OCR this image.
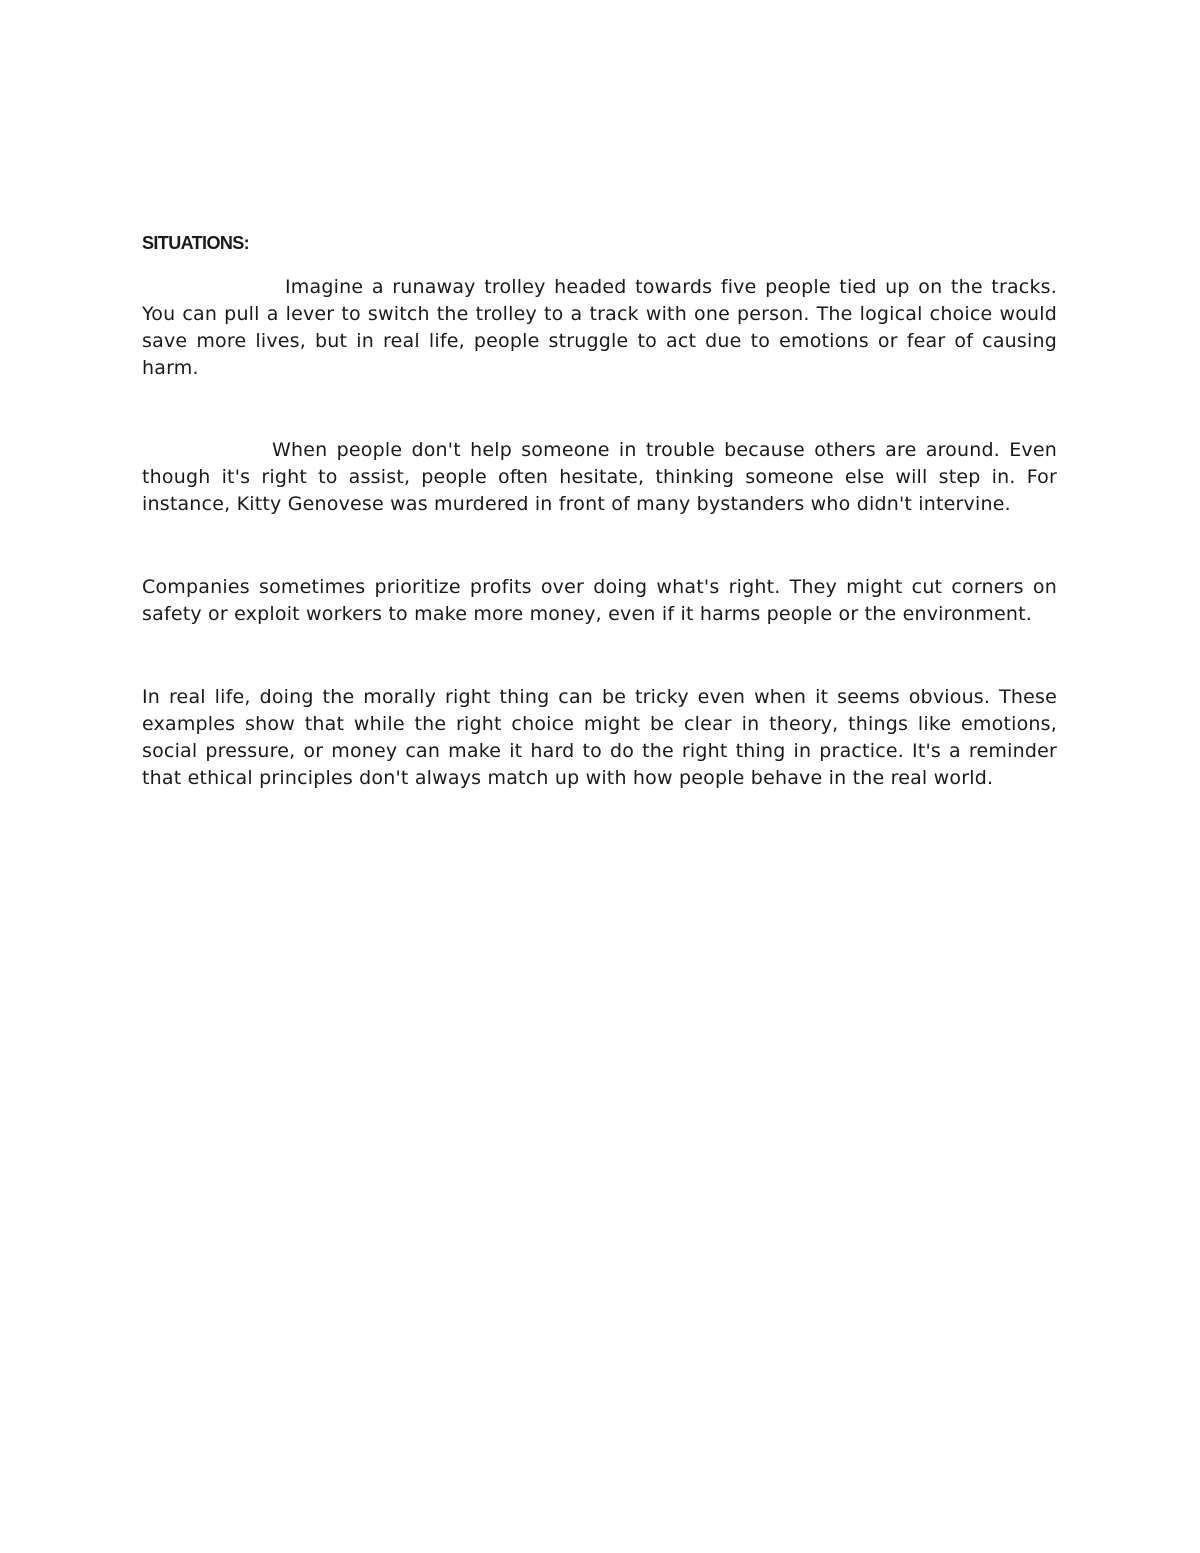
SITUATIONS:

Imagine a runaway trolley headed towards five people tied up on the tracks. You can pull a lever to switch the trolley to a track with one person. The logical choice would save more lives, but in real life, people struggle to act due to emotions or fear of causing harm.

When people don't help someone in trouble because others are around. Even though it's right to assist, people often hesitate, thinking someone else will step in. For instance, Kitty Genovese was murdered in front of many bystanders who didn't intervine.

Companies sometimes prioritize profits over doing what's right. They might cut corners on safety or exploit workers to make more money, even if it harms people or the environment.

In real life, doing the morally right thing can be tricky even when it seems obvious. These examples show that while the right choice might be clear in theory, things like emotions, social pressure, or money can make it hard to do the right thing in practice. It's a reminder that ethical principles don't always match up with how people behave in the real world.
